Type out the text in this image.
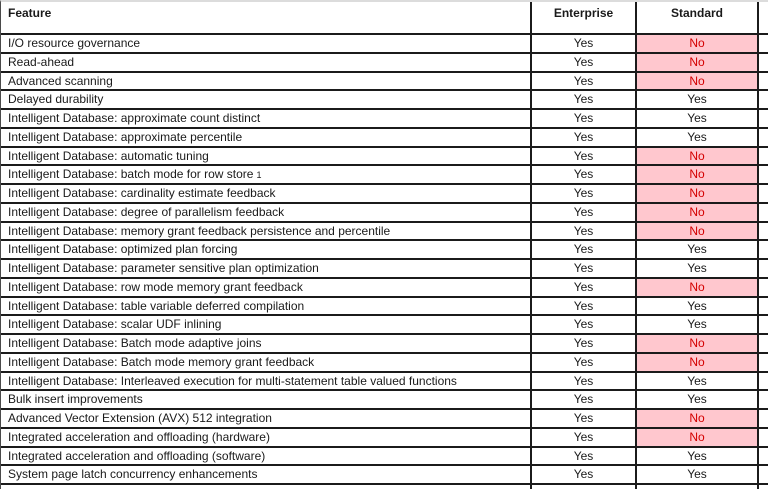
Feature	Enterprise	Standard
I/O resource governance	Yes	No
Read-ahead	Yes	No
Advanced scanning	Yes	No
Delayed durability	Yes	Yes
Intelligent Database: approximate count distinct	Yes	Yes
Intelligent Database: approximate percentile	Yes	Yes
Intelligent Database: automatic tuning	Yes	No
Intelligent Database: batch mode for row store 1	Yes	No
Intelligent Database: cardinality estimate feedback	Yes	No
Intelligent Database: degree of parallelism feedback	Yes	No
Intelligent Database: memory grant feedback persistence and percentile	Yes	No
Intelligent Database: optimized plan forcing	Yes	Yes
Intelligent Database: parameter sensitive plan optimization	Yes	Yes
Intelligent Database: row mode memory grant feedback	Yes	No
Intelligent Database: table variable deferred compilation	Yes	Yes
Intelligent Database: scalar UDF inlining	Yes	Yes
Intelligent Database: Batch mode adaptive joins	Yes	No
Intelligent Database: Batch mode memory grant feedback	Yes	No
Intelligent Database: Interleaved execution for multi-statement table valued functions	Yes	Yes
Bulk insert improvements	Yes	Yes
Advanced Vector Extension (AVX) 512 integration	Yes	No
Integrated acceleration and offloading (hardware)	Yes	No
Integrated acceleration and offloading (software)	Yes	Yes
System page latch concurrency enhancements	Yes	Yes
